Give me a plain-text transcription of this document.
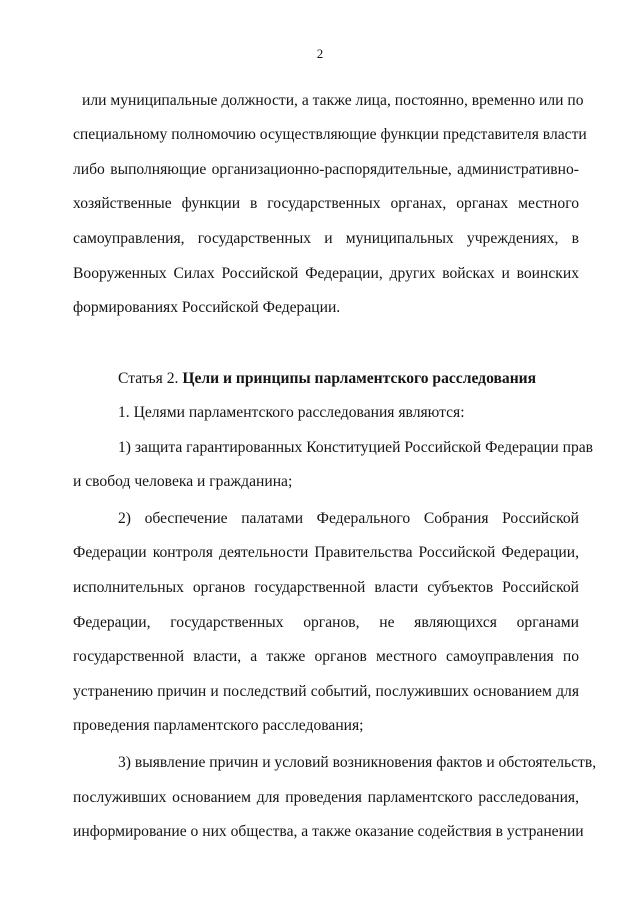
2
или муниципальные должности, а также лица, постоянно, временно или по
специальному полномочию осуществляющие функции представителя власти
либо выполняющие организационно-распорядительные, административно-
хозяйственные функции в государственных органах, органах местного
самоуправления, государственных и муниципальных учреждениях, в
Вооруженных Силах Российской Федерации, других войсках и воинских
формированиях Российской Федерации.
Статья 2. Цели и принципы парламентского расследования
1. Целями парламентского расследования являются:
1) защита гарантированных Конституцией Российской Федерации прав
и свобод человека и гражданина;
2) обеспечение палатами Федерального Собрания Российской
Федерации контроля деятельности Правительства Российской Федерации,
исполнительных органов государственной власти субъектов Российской
Федерации, государственных органов, не являющихся органами
государственной власти, а также органов местного самоуправления по
устранению причин и последствий событий, послуживших основанием для
проведения парламентского расследования;
3) выявление причин и условий возникновения фактов и обстоятельств,
послуживших основанием для проведения парламентского расследования,
информирование о них общества, а также оказание содействия в устранении
